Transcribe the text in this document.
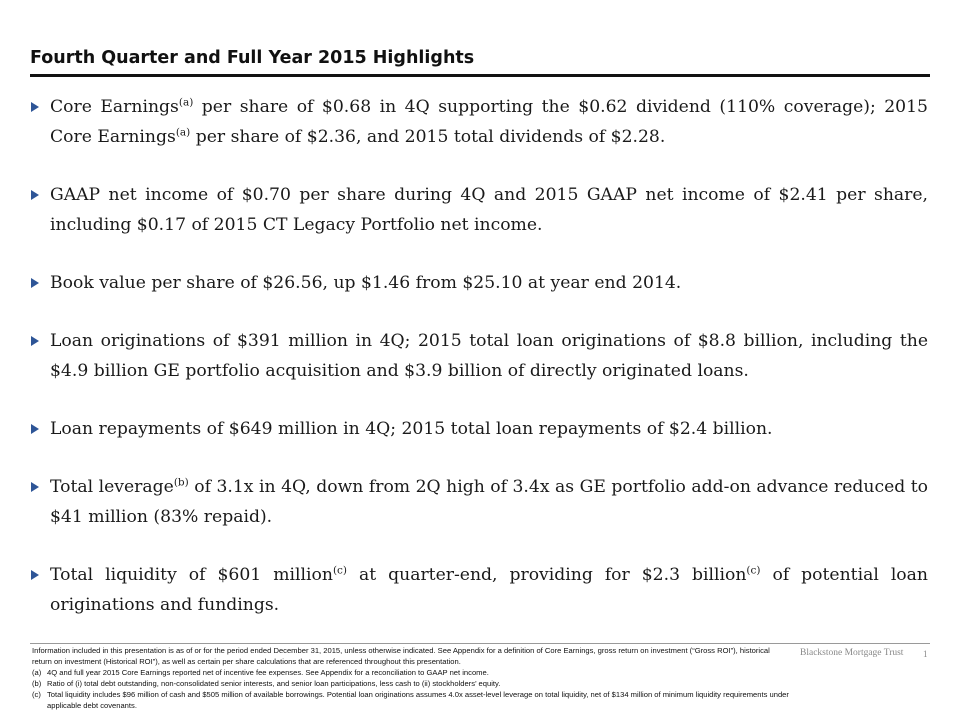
Fourth Quarter and Full Year 2015 Highlights
Core Earnings$^{(a)}$ per share of $0.68 in 4Q supporting the $0.62 dividend (110% coverage); 2015 Core Earnings$^{(a)}$ per share of $2.36, and 2015 total dividends of $2.28.
GAAP net income of $0.70 per share during 4Q and 2015 GAAP net income of $2.41 per share, including $0.17 of 2015 CT Legacy Portfolio net income.
Book value per share of $26.56, up $1.46 from $25.10 at year end 2014.
Loan originations of $391 million in 4Q; 2015 total loan originations of $8.8 billion, including the $4.9 billion GE portfolio acquisition and $3.9 billion of directly originated loans.
Loan repayments of $649 million in 4Q; 2015 total loan repayments of $2.4 billion.
Total leverage$^{(b)}$ of 3.1x in 4Q, down from 2Q high of 3.4x as GE portfolio add-on advance reduced to $41 million (83% repaid).
Total liquidity of $601 million$^{(c)}$ at quarter-end, providing for $2.3 billion$^{(c)}$ of potential loan originations and fundings.
Information included in this presentation is as of or for the period ended December 31, 2015, unless otherwise indicated. See Appendix for a definition of Core Earnings, gross return on investment (“Gross ROI”), historical return on investment (Historical ROI”), as well as certain per share calculations that are referenced throughout this presentation.
(a) 4Q and full year 2015 Core Earnings reported net of incentive fee expenses. See Appendix for a reconciliation to GAAP net income.
(b) Ratio of (i) total debt outstanding, non-consolidated senior interests, and senior loan participations, less cash to (ii) stockholders’ equity.
(c) Total liquidity includes $96 million of cash and $505 million of available borrowings. Potential loan originations assumes 4.0x asset-level leverage on total liquidity, net of $134 million of minimum liquidity requirements under applicable debt covenants.
Blackstone Mortgage Trust 1
